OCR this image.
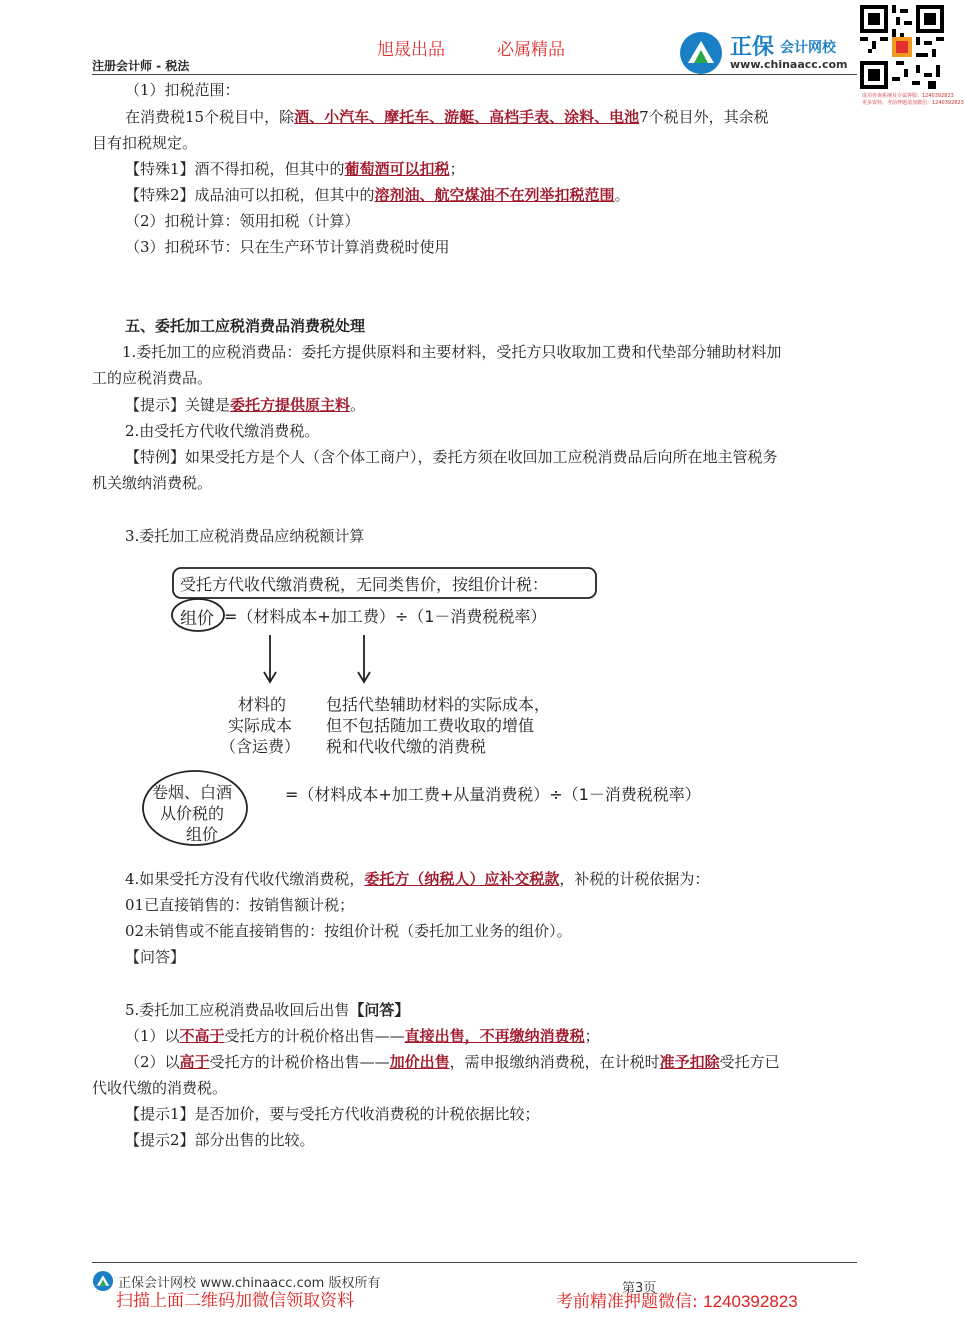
旭晟出品	必属精品
注册会计师 - 税法
正保 会计网校
www.chinaacc.com
成功咨询系统及专属客服：1240392823
更多资料，考前押题请加微信：1240392823
（1）扣税范围：
在消费税15个税目中，除酒、小汽车、摩托车、游艇、高档手表、涂料、电池7个税目外，其余税
目有扣税规定。
【特殊1】酒不得扣税，但其中的葡萄酒可以扣税；
【特殊2】成品油可以扣税，但其中的溶剂油、航空煤油不在列举扣税范围。
（2）扣税计算：领用扣税（计算）
（3）扣税环节：只在生产环节计算消费税时使用
五、委托加工应税消费品消费税处理
1.委托加工的应税消费品：委托方提供原料和主要材料，受托方只收取加工费和代垫部分辅助材料加
工的应税消费品。
【提示】关键是委托方提供原主料。
2.由受托方代收代缴消费税。
【特例】如果受托方是个人（含个体工商户），委托方须在收回加工应税消费品后向所在地主管税务
机关缴纳消费税。
3.委托加工应税消费品应纳税额计算
受托方代收代缴消费税，无同类售价，按组价计税：
组价 =（材料成本+加工费）÷（1－消费税税率）
材料的
实际成本
（含运费）
包括代垫辅助材料的实际成本，
但不包括随加工费收取的增值
税和代收代缴的消费税
卷烟、白酒
从价税的
组价
=（材料成本+加工费+从量消费税）÷（1－消费税税率）
4.如果受托方没有代收代缴消费税，委托方（纳税人）应补交税款，补税的计税依据为：
01已直接销售的：按销售额计税；
02未销售或不能直接销售的：按组价计税（委托加工业务的组价）。
【问答】
5.委托加工应税消费品收回后出售【问答】
（1）以不高于受托方的计税价格出售——直接出售，不再缴纳消费税；
（2）以高于受托方的计税价格出售——加价出售，需申报缴纳消费税，在计税时准予扣除受托方已
代收代缴的消费税。
【提示1】是否加价，要与受托方代收消费税的计税依据比较；
【提示2】部分出售的比较。
正保会计网校 www.chinaacc.com 版权所有	第3页
扫描上面二维码加微信领取资料	考前精准押题微信: 1240392823
